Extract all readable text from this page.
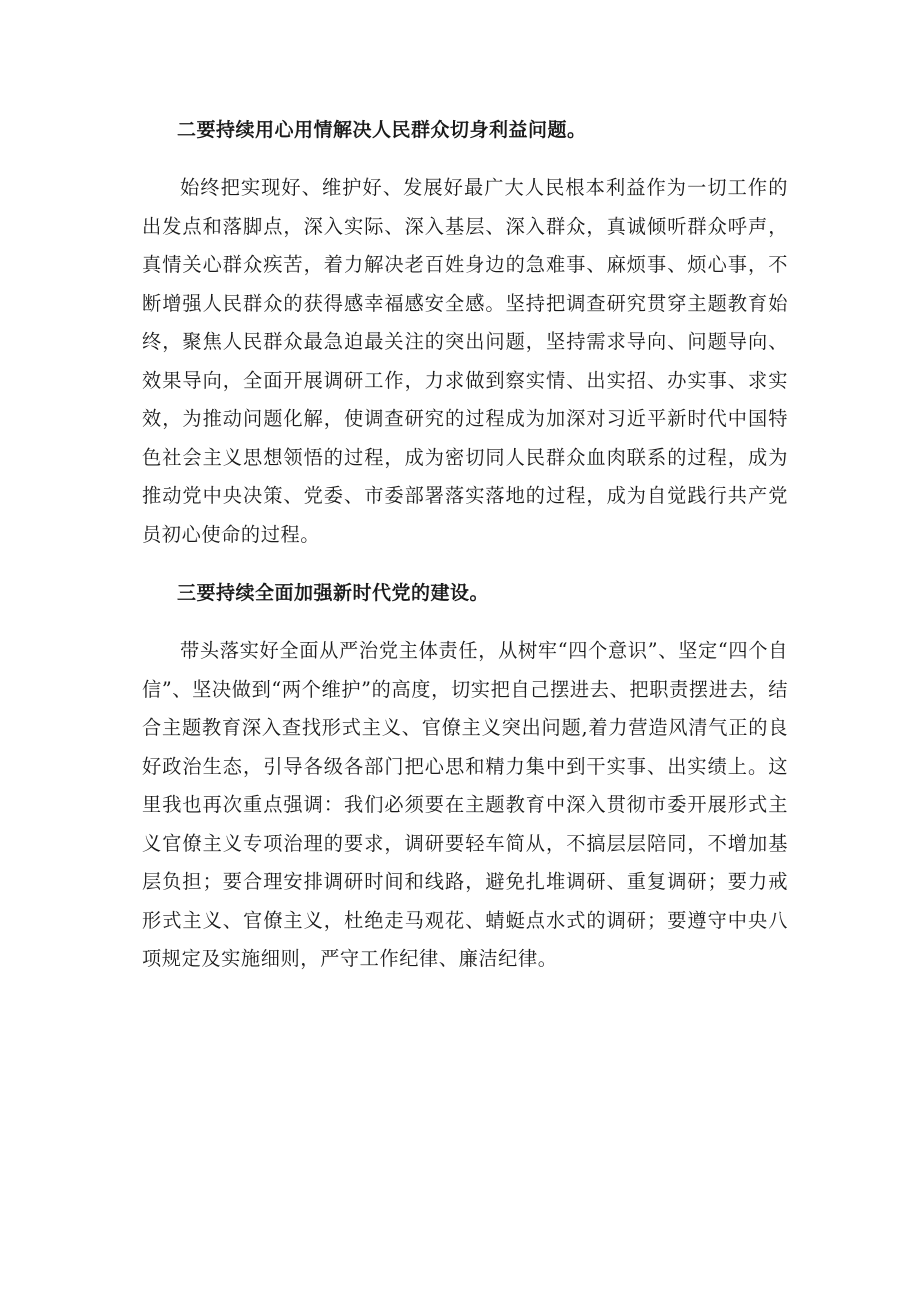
二要持续用心用情解决人民群众切身利益问题。

始终把实现好、维护好、发展好最广大人民根本利益作为一切工作的出发点和落脚点，深入实际、深入基层、深入群众，真诚倾听群众呼声，真情关心群众疾苦，着力解决老百姓身边的急难事、麻烦事、烦心事，不断增强人民群众的获得感幸福感安全感。坚持把调查研究贯穿主题教育始终，聚焦人民群众最急迫最关注的突出问题，坚持需求导向、问题导向、效果导向，全面开展调研工作，力求做到察实情、出实招、办实事、求实效，为推动问题化解，使调查研究的过程成为加深对习近平新时代中国特色社会主义思想领悟的过程，成为密切同人民群众血肉联系的过程，成为推动党中央决策、党委、市委部署落实落地的过程，成为自觉践行共产党员初心使命的过程。

三要持续全面加强新时代党的建设。

带头落实好全面从严治党主体责任，从树牢“四个意识”、坚定“四个自信”、坚决做到“两个维护”的高度，切实把自己摆进去、把职责摆进去，结合主题教育深入查找形式主义、官僚主义突出问题,着力营造风清气正的良好政治生态，引导各级各部门把心思和精力集中到干实事、出实绩上。这里我也再次重点强调：我们必须要在主题教育中深入贯彻市委开展形式主义官僚主义专项治理的要求，调研要轻车简从，不搞层层陪同，不增加基层负担；要合理安排调研时间和线路，避免扎堆调研、重复调研；要力戒形式主义、官僚主义，杜绝走马观花、蜻蜓点水式的调研；要遵守中央八项规定及实施细则，严守工作纪律、廉洁纪律。
